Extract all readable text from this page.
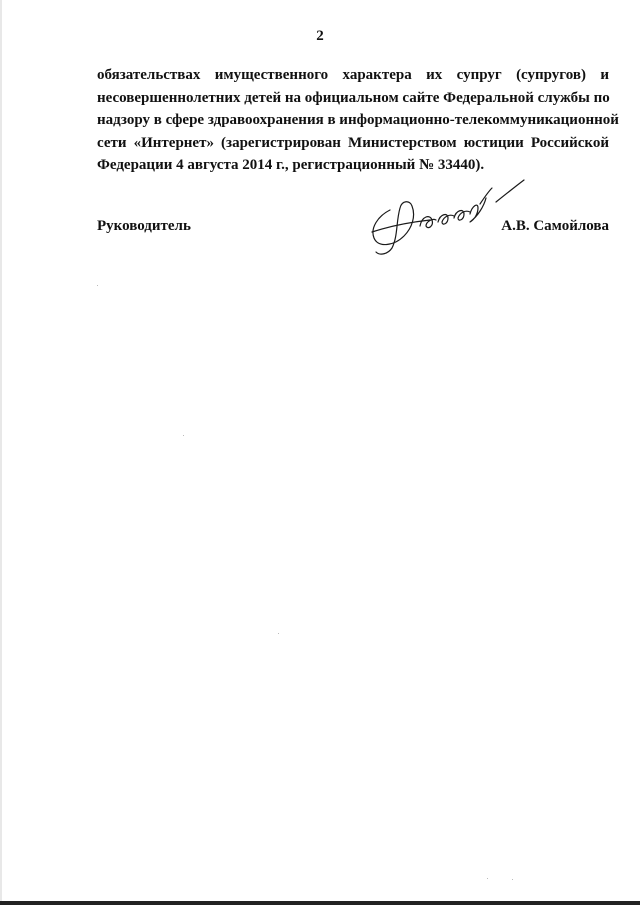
2
обязательствах имущественного характера их супруг (супругов) и
несовершеннолетних детей на официальном сайте Федеральной службы по
надзору в сфере здравоохранения в информационно-телекоммуникационной
сети «Интернет» (зарегистрирован Министерством юстиции Российской
Федерации 4 августа 2014 г., регистрационный № 33440).
Руководитель	А.В. Самойлова
